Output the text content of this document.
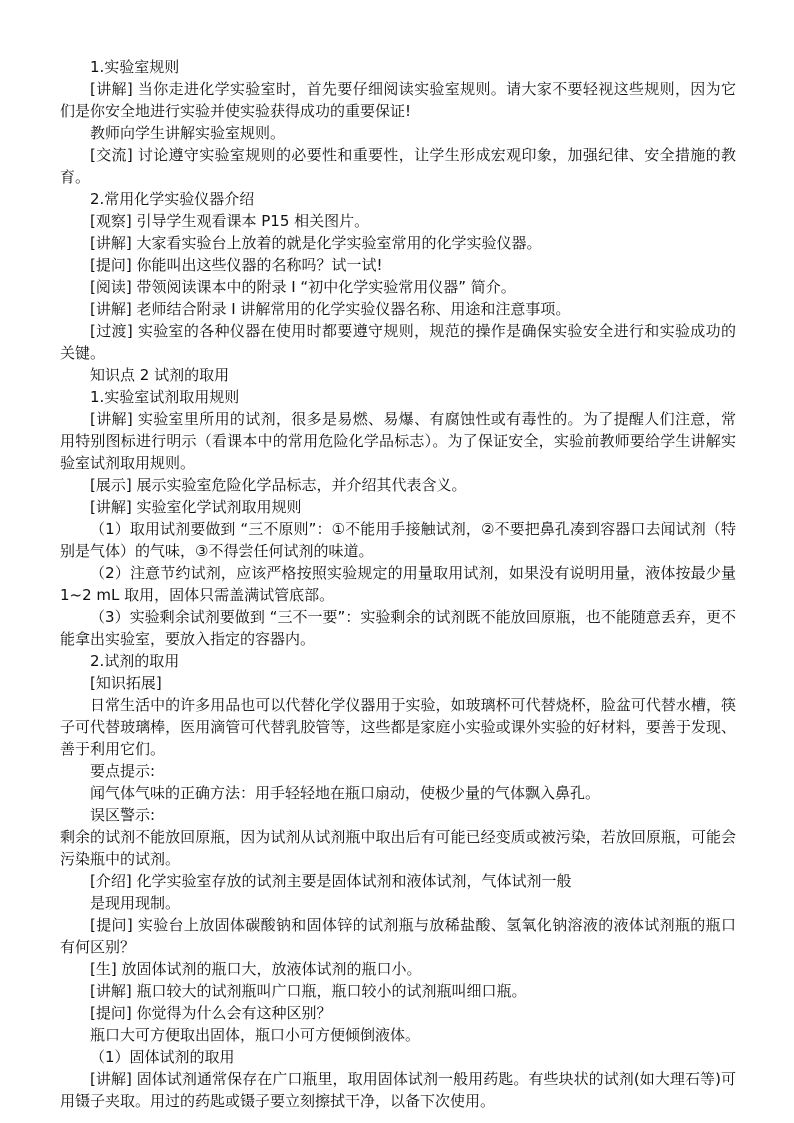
1.实验室规则

[讲解] 当你走进化学实验室时，首先要仔细阅读实验室规则。请大家不要轻视这些规则，因为它们是你安全地进行实验并使实验获得成功的重要保证!

教师向学生讲解实验室规则。

[交流] 讨论遵守实验室规则的必要性和重要性，让学生形成宏观印象，加强纪律、安全措施的教育。

2.常用化学实验仪器介绍

[观察] 引导学生观看课本 P15 相关图片。

[讲解] 大家看实验台上放着的就是化学实验室常用的化学实验仪器。

[提问] 你能叫出这些仪器的名称吗？试一试!

[阅读] 带领阅读课本中的附录 I “初中化学实验常用仪器” 简介。

[讲解] 老师结合附录 I 讲解常用的化学实验仪器名称、用途和注意事项。

[过渡] 实验室的各种仪器在使用时都要遵守规则，规范的操作是确保实验安全进行和实验成功的关键。

知识点 2 试剂的取用

1.实验室试剂取用规则

[讲解] 实验室里所用的试剂，很多是易燃、易爆、有腐蚀性或有毒性的。为了提醒人们注意，常用特别图标进行明示（看课本中的常用危险化学品标志）。为了保证安全，实验前教师要给学生讲解实验室试剂取用规则。

[展示] 展示实验室危险化学品标志，并介绍其代表含义。

[讲解] 实验室化学试剂取用规则

（1）取用试剂要做到 “三不原则”：①不能用手接触试剂，②不要把鼻孔凑到容器口去闻试剂（特别是气体）的气味，③不得尝任何试剂的味道。

（2）注意节约试剂，应该严格按照实验规定的用量取用试剂，如果没有说明用量，液体按最少量 1~2 mL 取用，固体只需盖满试管底部。

（3）实验剩余试剂要做到 “三不一要”：实验剩余的试剂既不能放回原瓶，也不能随意丢弃，更不能拿出实验室，要放入指定的容器内。

2.试剂的取用

[知识拓展]

日常生活中的许多用品也可以代替化学仪器用于实验，如玻璃杯可代替烧杯，脸盆可代替水槽，筷子可代替玻璃棒，医用滴管可代替乳胶管等，这些都是家庭小实验或课外实验的好材料，要善于发现、善于利用它们。

要点提示:

闻气体气味的正确方法：用手轻轻地在瓶口扇动，使极少量的气体飘入鼻孔。

误区警示:

剩余的试剂不能放回原瓶，因为试剂从试剂瓶中取出后有可能已经变质或被污染，若放回原瓶，可能会污染瓶中的试剂。

[介绍] 化学实验室存放的试剂主要是固体试剂和液体试剂，气体试剂一般

是现用现制。

[提问] 实验台上放固体碳酸钠和固体锌的试剂瓶与放稀盐酸、氢氧化钠溶液的液体试剂瓶的瓶口有何区别？

[生] 放固体试剂的瓶口大，放液体试剂的瓶口小。

[讲解] 瓶口较大的试剂瓶叫广口瓶，瓶口较小的试剂瓶叫细口瓶。

[提问] 你觉得为什么会有这种区别？

瓶口大可方便取出固体，瓶口小可方便倾倒液体。

（1）固体试剂的取用

[讲解] 固体试剂通常保存在广口瓶里，取用固体试剂一般用药匙。有些块状的试剂(如大理石等)可用镊子夹取。用过的药匙或镊子要立刻擦拭干净，以备下次使用。
